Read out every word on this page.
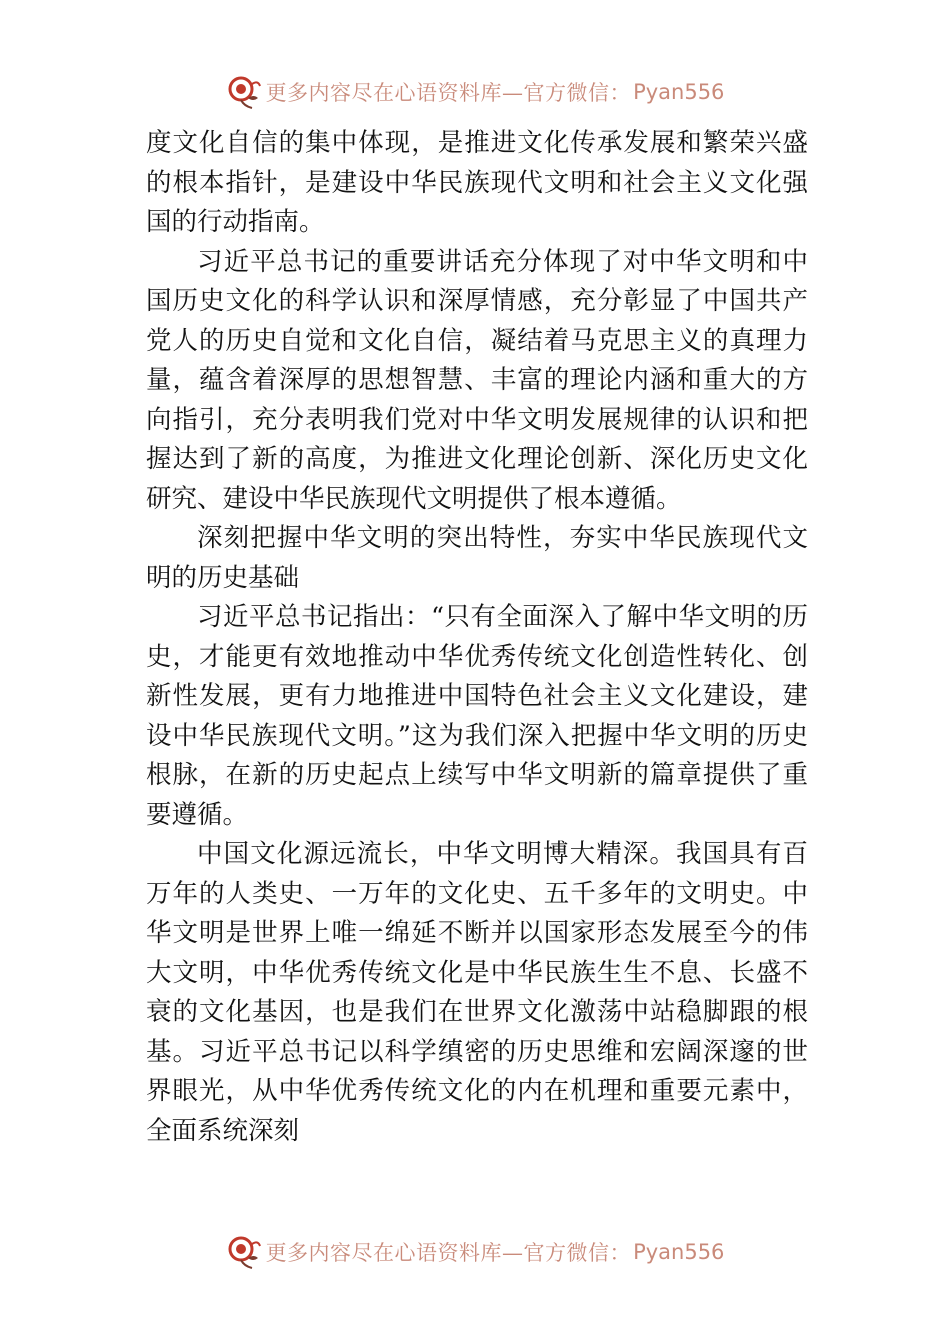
更多内容尽在心语资料库—官方微信： Pyan556

度文化自信的集中体现，是推进文化传承发展和繁荣兴盛的根本指针，是建设中华民族现代文明和社会主义文化强国的行动指南。

习近平总书记的重要讲话充分体现了对中华文明和中国历史文化的科学认识和深厚情感，充分彰显了中国共产党人的历史自觉和文化自信，凝结着马克思主义的真理力量，蕴含着深厚的思想智慧、丰富的理论内涵和重大的方向指引，充分表明我们党对中华文明发展规律的认识和把握达到了新的高度，为推进文化理论创新、深化历史文化研究、建设中华民族现代文明提供了根本遵循。

深刻把握中华文明的突出特性，夯实中华民族现代文明的历史基础

习近平总书记指出：“只有全面深入了解中华文明的历史，才能更有效地推动中华优秀传统文化创造性转化、创新性发展，更有力地推进中国特色社会主义文化建设，建设中华民族现代文明。”这为我们深入把握中华文明的历史根脉，在新的历史起点上续写中华文明新的篇章提供了重要遵循。

中国文化源远流长，中华文明博大精深。我国具有百万年的人类史、一万年的文化史、五千多年的文明史。中华文明是世界上唯一绵延不断并以国家形态发展至今的伟大文明，中华优秀传统文化是中华民族生生不息、长盛不衰的文化基因，也是我们在世界文化激荡中站稳脚跟的根基。习近平总书记以科学缜密的历史思维和宏阔深邃的世界眼光，从中华优秀传统文化的内在机理和重要元素中，全面系统深刻

更多内容尽在心语资料库—官方微信： Pyan556
